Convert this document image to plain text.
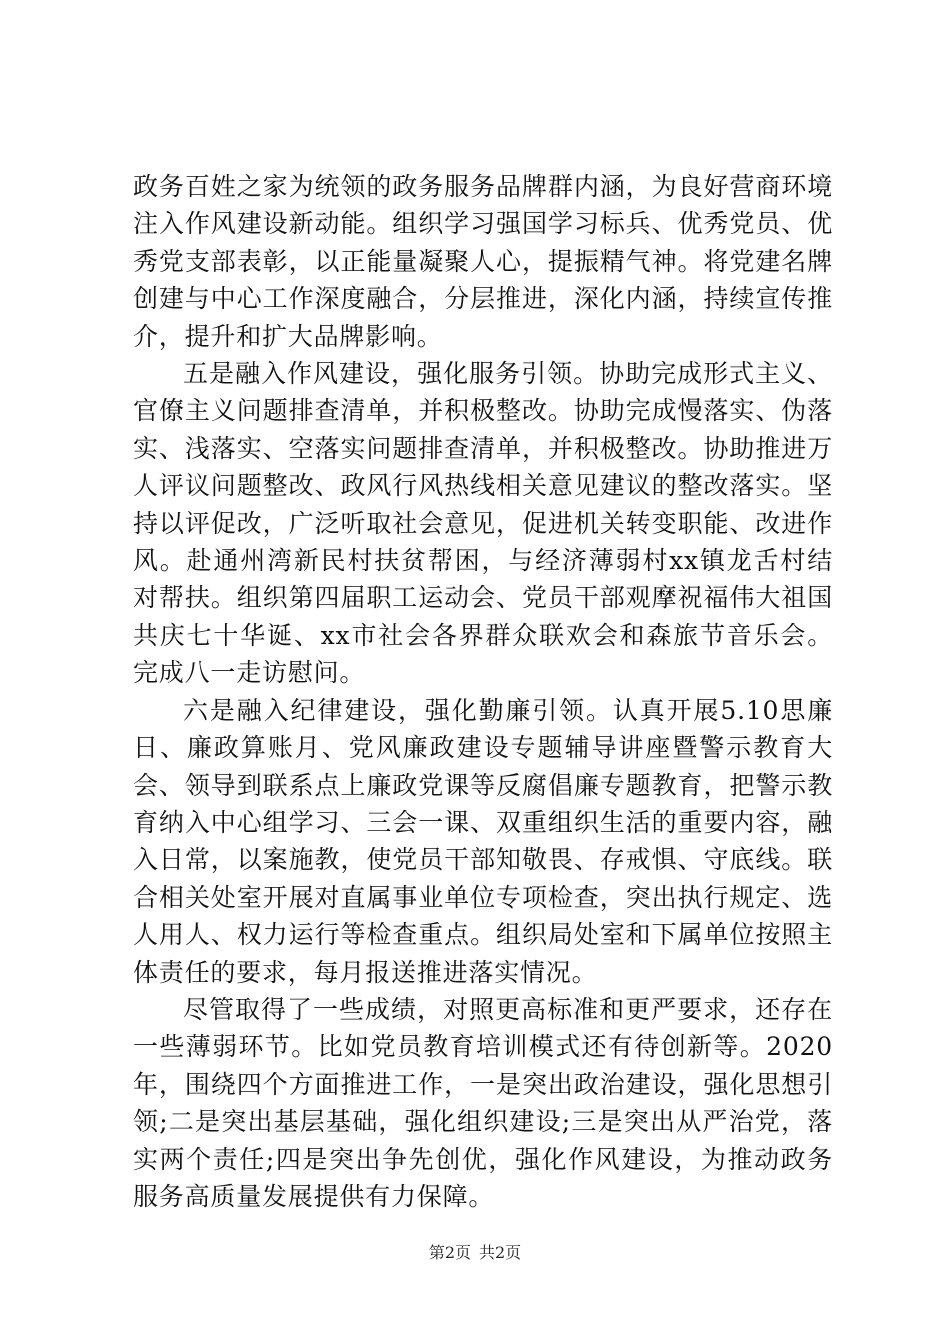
政务百姓之家为统领的政务服务品牌群内涵，为良好营商环境注入作风建设新动能。组织学习强国学习标兵、优秀党员、优秀党支部表彰，以正能量凝聚人心，提振精气神。将党建名牌创建与中心工作深度融合，分层推进，深化内涵，持续宣传推介，提升和扩大品牌影响。

五是融入作风建设，强化服务引领。协助完成形式主义、官僚主义问题排查清单，并积极整改。协助完成慢落实、伪落实、浅落实、空落实问题排查清单，并积极整改。协助推进万人评议问题整改、政风行风热线相关意见建议的整改落实。坚持以评促改，广泛听取社会意见，促进机关转变职能、改进作风。赴通州湾新民村扶贫帮困，与经济薄弱村xx镇龙舌村结对帮扶。组织第四届职工运动会、党员干部观摩祝福伟大祖国共庆七十华诞、xx市社会各界群众联欢会和森旅节音乐会。完成八一走访慰问。

六是融入纪律建设，强化勤廉引领。认真开展5.10思廉日、廉政算账月、党风廉政建设专题辅导讲座暨警示教育大会、领导到联系点上廉政党课等反腐倡廉专题教育，把警示教育纳入中心组学习、三会一课、双重组织生活的重要内容，融入日常，以案施教，使党员干部知敬畏、存戒惧、守底线。联合相关处室开展对直属事业单位专项检查，突出执行规定、选人用人、权力运行等检查重点。组织局处室和下属单位按照主体责任的要求，每月报送推进落实情况。

尽管取得了一些成绩，对照更高标准和更严要求，还存在一些薄弱环节。比如党员教育培训模式还有待创新等。2020年，围绕四个方面推进工作，一是突出政治建设，强化思想引领;二是突出基层基础，强化组织建设;三是突出从严治党，落实两个责任;四是突出争先创优，强化作风建设，为推动政务服务高质量发展提供有力保障。

第2页 共2页
